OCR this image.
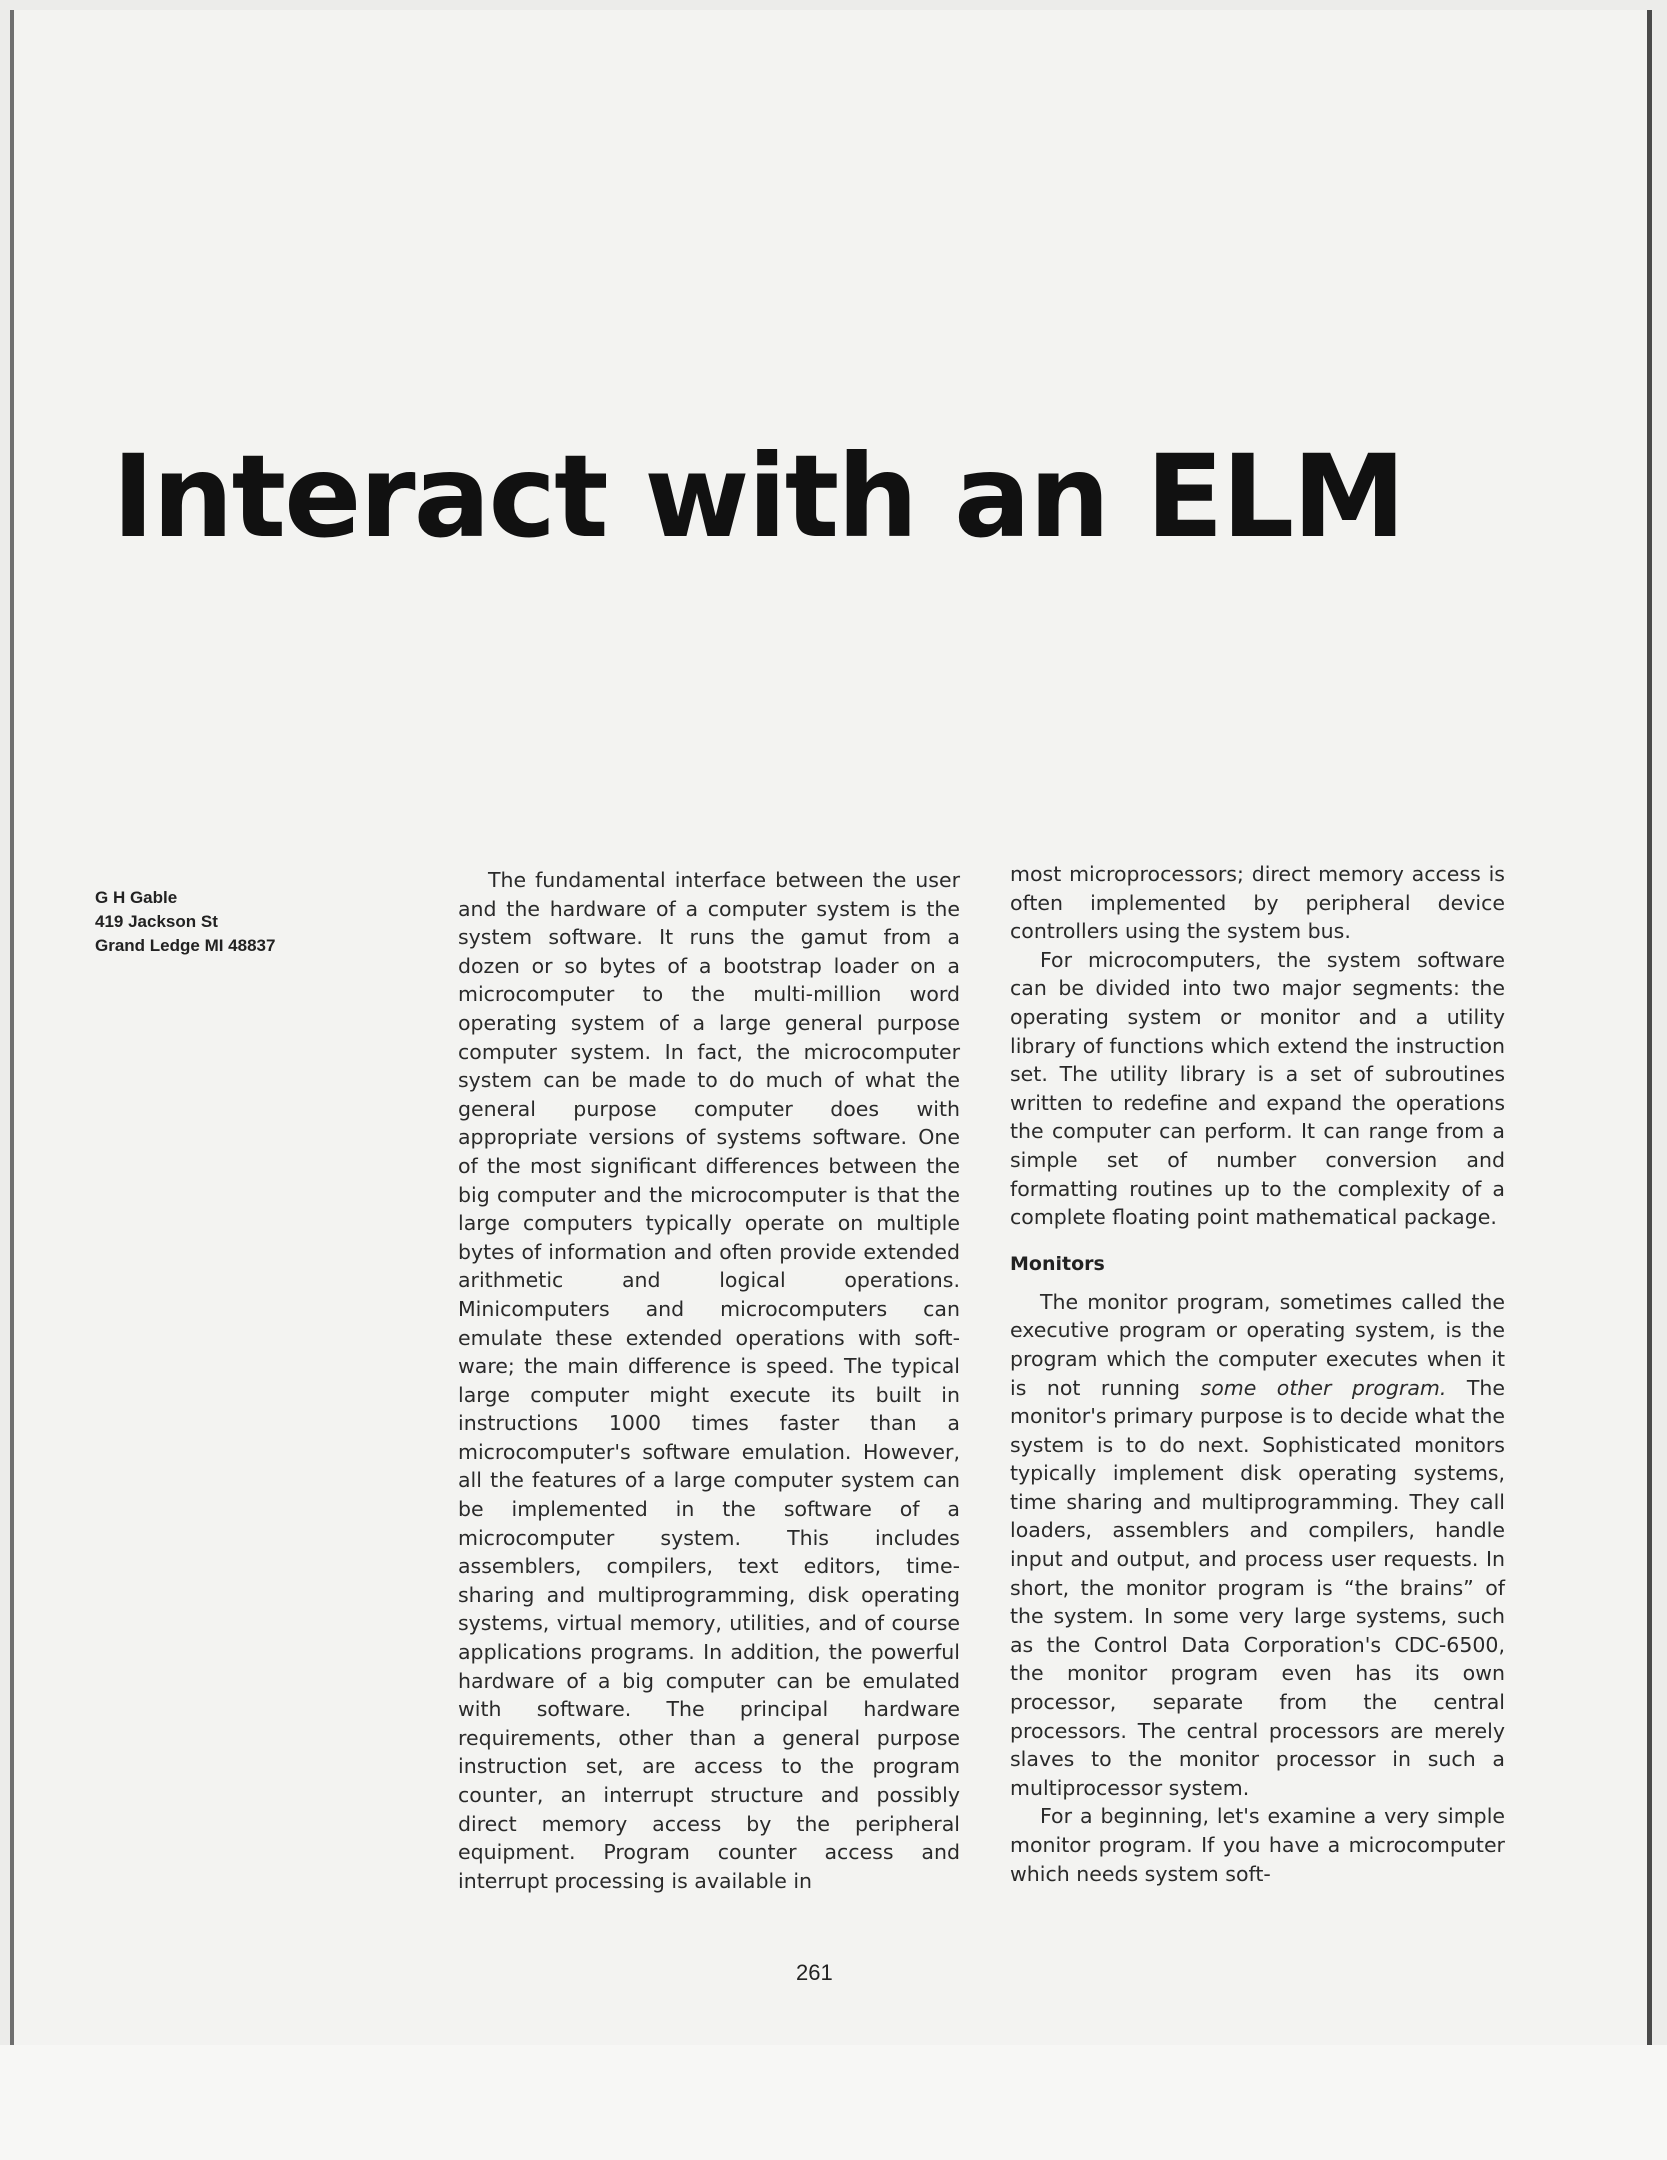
Interact with an ELM
G H Gable
419 Jackson St
Grand Ledge MI 48837

The fundamental interface between the user and the hardware of a computer system is the system software. It runs the gamut from a dozen or so bytes of a bootstrap loader on a microcomputer to the multi-million word operating system of a large general purpose computer system. In fact, the microcomputer system can be made to do much of what the general purpose computer does with appropriate versions of systems software. One of the most significant differences between the big computer and the microcomputer is that the large computers typically operate on multiple bytes of information and often provide extended arithmetic and logical operations. Minicomputers and microcomputers can emulate these extended operations with software; the main difference is speed. The typical large computer might execute its built in instructions 1000 times faster than a microcomputer's software emulation. However, all the features of a large computer system can be implemented in the software of a microcomputer system. This includes assemblers, compilers, text editors, time-sharing and multiprogramming, disk operating systems, virtual memory, utilities, and of course applications programs. In addition, the powerful hardware of a big computer can be emulated with software. The principal hardware requirements, other than a general purpose instruction set, are access to the program counter, an interrupt structure and possibly direct memory access by the peripheral equipment. Program counter access and interrupt processing is available in

most microprocessors; direct memory access is often implemented by peripheral device controllers using the system bus.

For microcomputers, the system software can be divided into two major segments: the operating system or monitor and a utility library of functions which extend the instruction set. The utility library is a set of subroutines written to redefine and expand the operations the computer can perform. It can range from a simple set of number conversion and formatting routines up to the complexity of a complete floating point mathematical package.

Monitors

The monitor program, sometimes called the executive program or operating system, is the program which the computer executes when it is not running some other program. The monitor's primary purpose is to decide what the system is to do next. Sophisticated monitors typically implement disk operating systems, time sharing and multiprogramming. They call loaders, assemblers and compilers, handle input and output, and process user requests. In short, the monitor program is “the brains” of the system. In some very large systems, such as the Control Data Corporation's CDC-6500, the monitor program even has its own processor, separate from the central processors. The central processors are merely slaves to the monitor processor in such a multiprocessor system.

For a beginning, let's examine a very simple monitor program. If you have a microcomputer which needs system soft-

261
